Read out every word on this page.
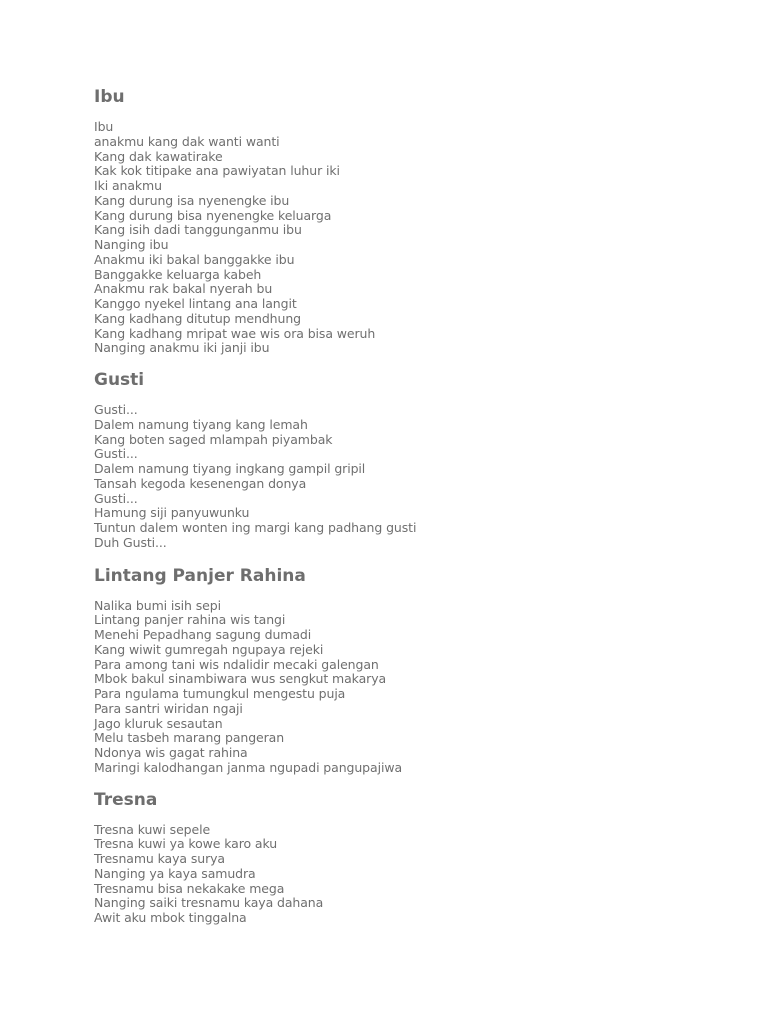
Ibu
Ibu
anakmu kang dak wanti wanti
Kang dak kawatirake
Kak kok titipake ana pawiyatan luhur iki
Iki anakmu
Kang durung isa nyenengke ibu
Kang durung bisa nyenengke keluarga
Kang isih dadi tanggunganmu ibu
Nanging ibu
Anakmu iki bakal banggakke ibu
Banggakke keluarga kabeh
Anakmu rak bakal nyerah bu
Kanggo nyekel lintang ana langit
Kang kadhang ditutup mendhung
Kang kadhang mripat wae wis ora bisa weruh
Nanging anakmu iki janji ibu
Gusti
Gusti...
Dalem namung tiyang kang lemah
Kang boten saged mlampah piyambak
Gusti...
Dalem namung tiyang ingkang gampil gripil
Tansah kegoda kesenengan donya
Gusti...
Hamung siji panyuwunku
Tuntun dalem wonten ing margi kang padhang gusti
Duh Gusti...
Lintang Panjer Rahina
Nalika bumi isih sepi
Lintang panjer rahina wis tangi
Menehi Pepadhang sagung dumadi
Kang wiwit gumregah ngupaya rejeki
Para among tani wis ndalidir mecaki galengan
Mbok bakul sinambiwara wus sengkut makarya
Para ngulama tumungkul mengestu puja
Para santri wiridan ngaji
Jago kluruk sesautan
Melu tasbeh marang pangeran
Ndonya wis gagat rahina
Maringi kalodhangan janma ngupadi pangupajiwa
Tresna
Tresna kuwi sepele
Tresna kuwi ya kowe karo aku
Tresnamu kaya surya
Nanging ya kaya samudra
Tresnamu bisa nekakake mega
Nanging saiki tresnamu kaya dahana
Awit aku mbok tinggalna
